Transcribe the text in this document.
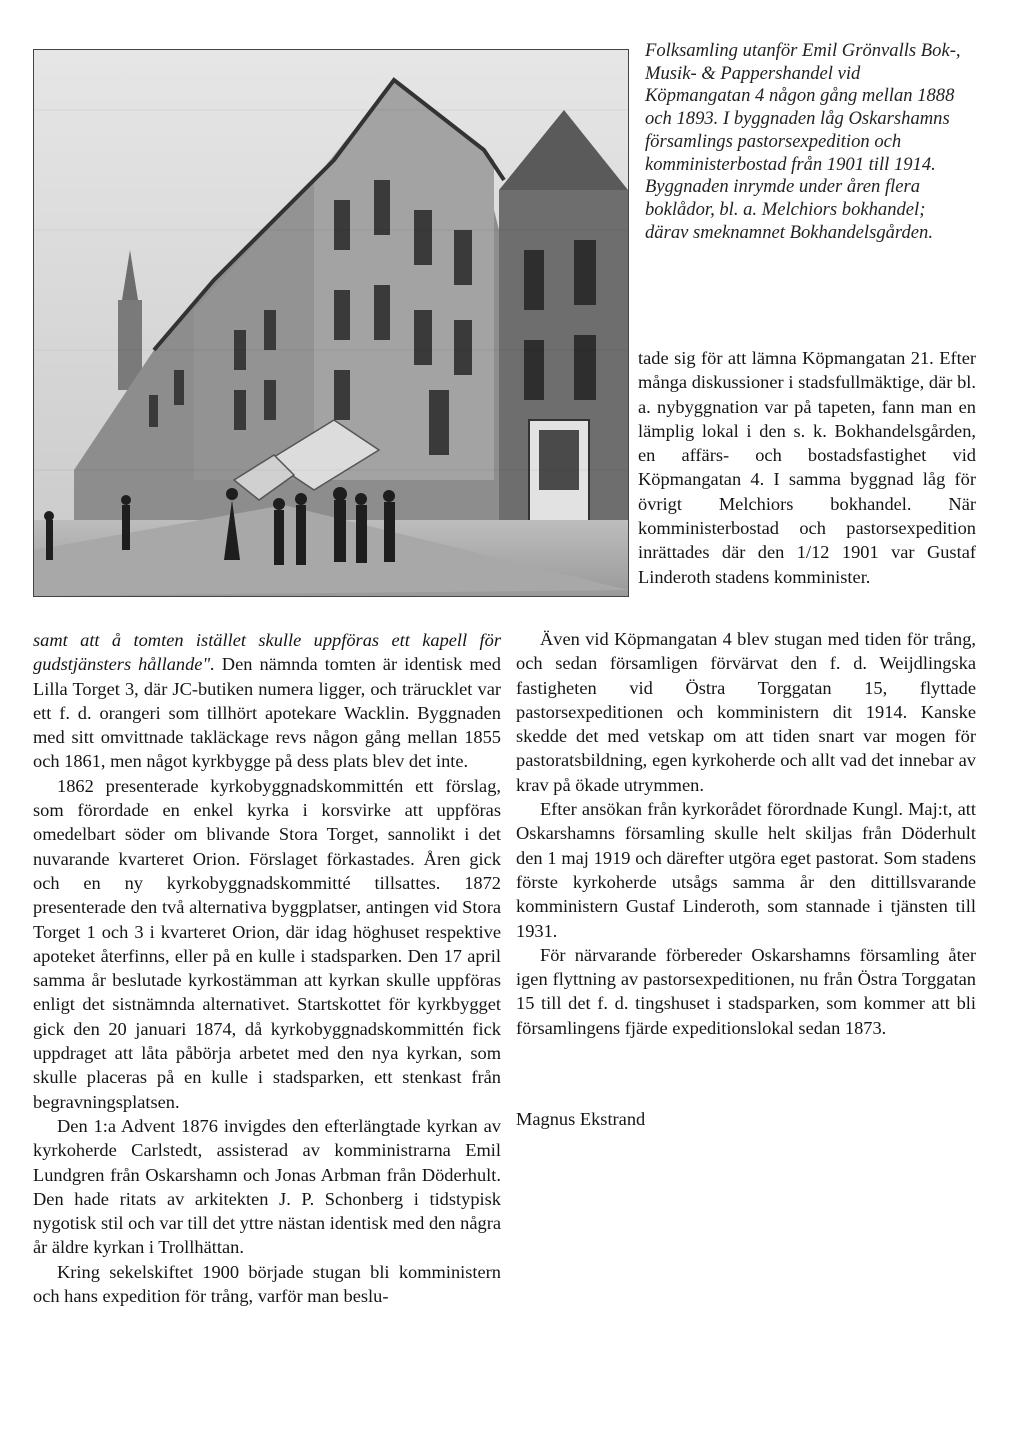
Folksamling utanför Emil Grönvalls Bok-, Musik- & Pappershandel vid Köpmangatan 4 någon gång mellan 1888 och 1893. I byggnaden låg Oskarshamns församlings pastorsexpedition och komministerbostad från 1901 till 1914. Byggnaden inrymde under åren flera boklådor, bl. a. Melchiors bokhandel; därav smeknamnet Bokhandelsgården.

tade sig för att lämna Köpmangatan 21. Efter många diskussioner i stadsfullmäktige, där bl. a. nybyggnation var på tapeten, fann man en lämplig lokal i den s. k. Bokhandelsgården, en affärs- och bostadsfastighet vid Köpmangatan 4. I samma byggnad låg för övrigt Melchiors bokhandel. När komministerbostad och pastorsexpedition inrättades där den 1/12 1901 var Gustaf Linderoth stadens komminister.

samt att å tomten istället skulle uppföras ett kapell för gudstjänsters hållande". Den nämnda tomten är identisk med Lilla Torget 3, där JC-butiken numera ligger, och trärucklet var ett f. d. orangeri som tillhört apotekare Wacklin. Byggnaden med sitt omvittnade takläckage revs någon gång mellan 1855 och 1861, men något kyrkbygge på dess plats blev det inte.

1862 presenterade kyrkobyggnadskommittén ett förslag, som förordade en enkel kyrka i korsvirke att uppföras omedelbart söder om blivande Stora Torget, sannolikt i det nuvarande kvarteret Orion. Förslaget förkastades. Åren gick och en ny kyrkobyggnadskommitté tillsattes. 1872 presenterade den två alternativa byggplatser, antingen vid Stora Torget 1 och 3 i kvarteret Orion, där idag höghuset respektive apoteket återfinns, eller på en kulle i stadsparken. Den 17 april samma år beslutade kyrkostämman att kyrkan skulle uppföras enligt det sistnämnda alternativet. Startskottet för kyrkbygget gick den 20 januari 1874, då kyrkobyggnadskommittén fick uppdraget att låta påbörja arbetet med den nya kyrkan, som skulle placeras på en kulle i stadsparken, ett stenkast från begravningsplatsen.

Den 1:a Advent 1876 invigdes den efterlängtade kyrkan av kyrkoherde Carlstedt, assisterad av komministrarna Emil Lundgren från Oskarshamn och Jonas Arbman från Döderhult. Den hade ritats av arkitekten J. P. Schonberg i tidstypisk nygotisk stil och var till det yttre nästan identisk med den några år äldre kyrkan i Trollhättan.

Kring sekelskiftet 1900 började stugan bli komministern och hans expedition för trång, varför man beslu-

Även vid Köpmangatan 4 blev stugan med tiden för trång, och sedan församligen förvärvat den f. d. Weijdlingska fastigheten vid Östra Torggatan 15, flyttade pastorsexpeditionen och komministern dit 1914. Kanske skedde det med vetskap om att tiden snart var mogen för pastoratsbildning, egen kyrkoherde och allt vad det innebar av krav på ökade utrymmen.

Efter ansökan från kyrkorådet förordnade Kungl. Maj:t, att Oskarshamns församling skulle helt skiljas från Döderhult den 1 maj 1919 och därefter utgöra eget pastorat. Som stadens förste kyrkoherde utsågs samma år den dittillsvarande komministern Gustaf Linderoth, som stannade i tjänsten till 1931.

För närvarande förbereder Oskarshamns församling åter igen flyttning av pastorsexpeditionen, nu från Östra Torggatan 15 till det f. d. tingshuset i stadsparken, som kommer att bli församlingens fjärde expeditionslokal sedan 1873.

Magnus Ekstrand
